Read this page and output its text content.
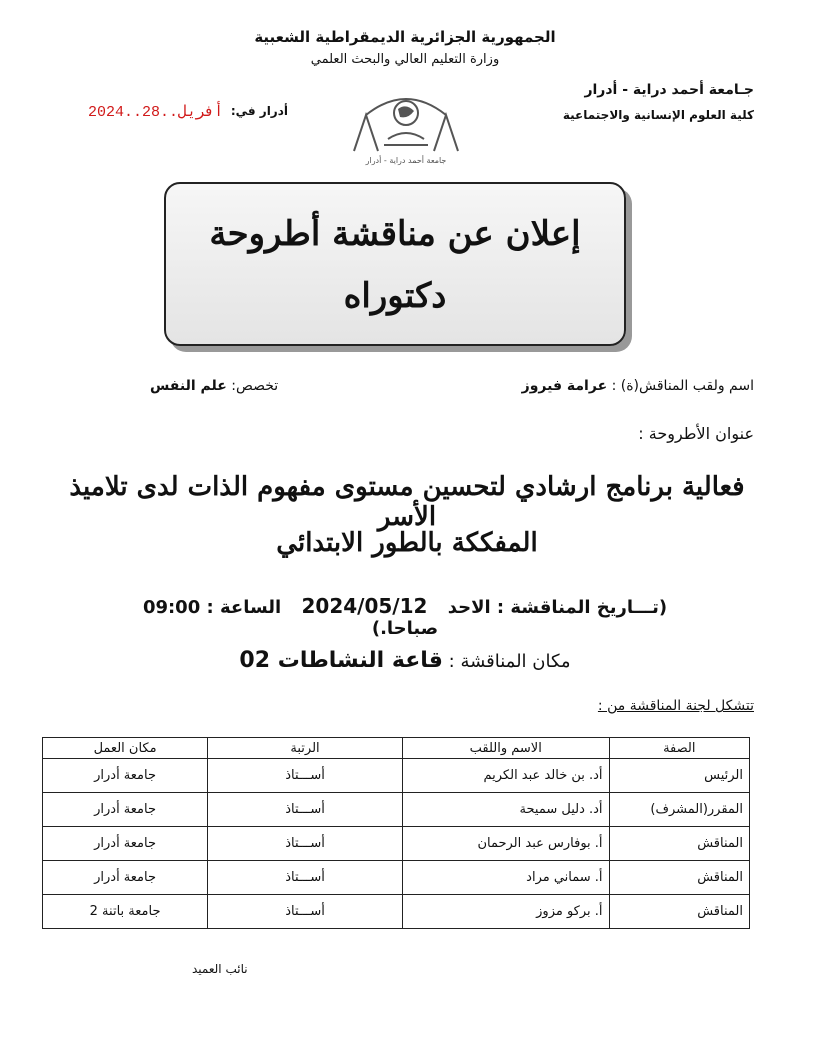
الجمهورية الجزائرية الديمقراطية الشعبية
وزارة التعليم العالي والبحث العلمي
جـامعة أحمد دراية - أدرار
كلية العلوم الإنسانية والاجتماعية
أدرار في:
2024..أفريل..28
جامعة أحمد دراية - أدرار
إعلان عن مناقشة أطروحة
دكتوراه
اسم ولقب المناقش(ة) : عرامة فيروز
تخصص: علم النفس
عنوان الأطروحة :
فعالية برنامج ارشادي لتحسين مستوى مفهوم الذات لدى تلاميذ الأسر
المفككة بالطور الابتدائي
(تـــاريخ المناقشة : الاحد 2024/05/12 الساعة : 09:00 صباحا.)
مكان المناقشة : قاعة النشاطات 02
تتشكل لجنة المناقشة من :
الصفة	الاسم واللقب	الرتبة	مكان العمل
الرئيس	أد. بن خالد عبد الكريم	أســـتاذ	جامعة أدرار
المقرر(المشرف)	أد. دليل سميحة	أســـتاذ	جامعة أدرار
المناقش	أ. بوفارس عبد الرحمان	أســـتاذ	جامعة أدرار
المناقش	أ. سماني مراد	أســـتاذ	جامعة أدرار
المناقش	أ. بركو مزوز	أســـتاذ	جامعة باتنة 2
نائب العميد
